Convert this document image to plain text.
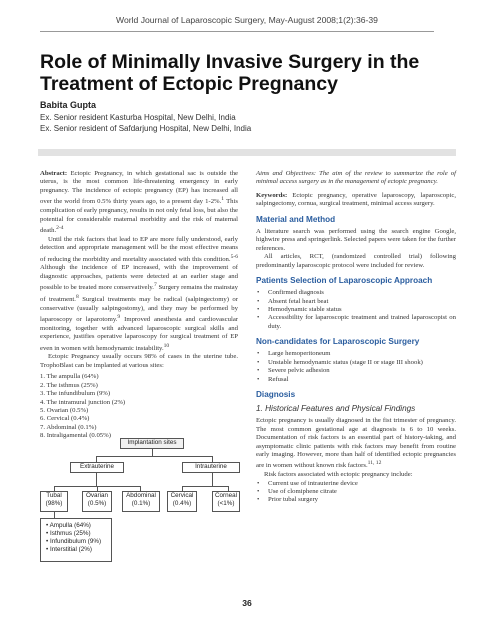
World Journal of Laparoscopic Surgery, May-August 2008;1(2):36-39
Role of Minimally Invasive Surgery in the
Treatment of Ectopic Pregnancy
Babita Gupta
Ex. Senior resident Kasturba Hospital, New Delhi, India
Ex. Senior resident of Safdarjung Hospital, New Delhi, India

Abstract: Ectopic Pregnancy, in which gestational sac is outside the uterus, is the most common life-threatening emergency in early pregnancy. The incidence of ectopic pregnancy (EP) has increased all over the world from 0.5% thirty years ago, to a present day 1-2%.$^1$ This complication of early pregnancy, results in not only fetal loss, but also the potential for considerable maternal morbidity and the risk of maternal death.$^{2-4}$

Until the risk factors that lead to EP are more fully understood, early detection and appropriate management will be the most effective means of reducing the morbidity and mortality associated with this condition.$^{5-6}$ Although the incidence of EP increased, with the improvement of diagnostic approaches, patients were detected at an earlier stage and possible to be treated more conservatively.$^7$ Surgery remains the mainstay of treatment.$^8$ Surgical treatments may be radical (salpingectomy) or conservative (usually salpingostomy), and they may be performed by laparoscopy or laparotomy.$^9$ Improved anesthesia and cardiovascular monitoring, together with advanced laparoscopic surgical skills and experience, justifies operative laparoscopy for surgical treatment of EP even in women with hemodynamic instability.$^{10}$

Ectopic Pregnancy usually occurs 98% of cases in the uterine tube. TrophoBlast can be implanted at various sites:

1. The ampulla (64%)
2. The isthmus (25%)
3. The infundibulum (9%)
4. The intramural junction (2%)
5. Ovarian (0.5%)
6. Cervical (0.4%)
7. Abdominal (0.1%)
8. Intraligamental (0.05%)
Implantation sites
Extrauterine	Intrauterine
Tubal
(98%)
Ovarian
(0.5%)
Abdominal
(0.1%)
Cervical
(0.4%)
Corneal
(<1%)
• Ampulla (64%)
• Isthmus (25%)
• Infundibulum (9%)
• Interstitial (2%)

Aims and Objectives: The aim of the review to summarize the role of minimal access surgery as in the management of ectopic pregnancy.

Keywords: Ectopic pregnancy, operative laparoscopy, laparoscopic, salpingectomy, cornua, surgical treatment, minimal access surgery.

Material and Method

A literature search was performed using the search engine Google, highwire press and springerlink. Selected papers were taken for the further references.

All articles, RCT, (randomized controlled trial) following predominantly laparoscopic protocol were included for review.

Patients Selection of Laparoscopic Approach
• Confirmed diagnosis
• Absent fetal heart beat
• Hemodynamic stable status
• Accessibility for laparoscopic treatment and trained laparoscopist on duty.
Non-candidates for Laparoscopic Surgery
• Large hemoperitoneum
• Unstable hemodynamic status (stage II or stage III shook)
• Severe pelvic adhesion
• Refusal
Diagnosis
1. Historical Features and Physical Findings

Ectopic pregnancy is usually diagnosed in the fist trimester of pregnancy. The most common gestational age at diagnosis is 6 to 10 weeks. Documentation of risk factors is an essential part of history-taking, and asymptomatic clinic patients with risk factors may benefit from routine early imaging. However, more than half of identified ectopic pregnancies are in women without known risk factors.$^{11, 12}$

Risk factors associated with ectopic pregnancy include:

• Current use of intrauterine device
• Use of clomiphene citrate
• Prior tubal surgery
36
